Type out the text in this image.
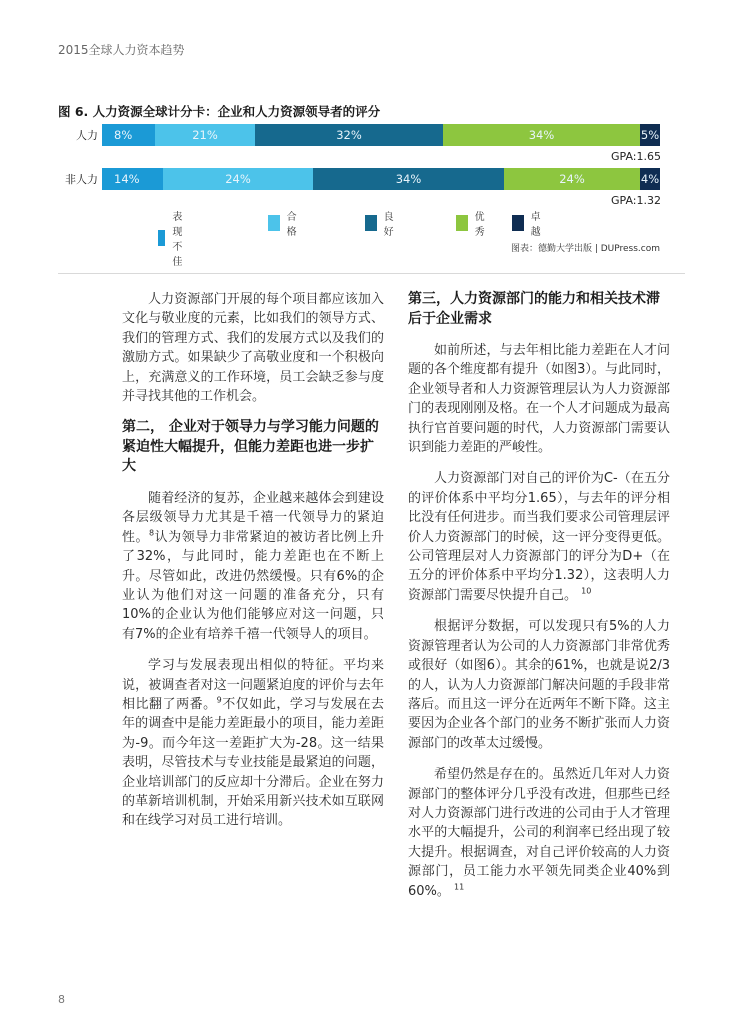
2015全球人力资本趋势
图 6. 人力资源全球计分卡：企业和人力资源领导者的评分
人力	8%	21%	32%	34%	5%
GPA:1.65
非人力	14%	24%	34%	24%	4%
GPA:1.32
表现不佳
合格
良好
优秀
卓越
图表：德勤大学出版 | DUPress.com

人力资源部门开展的每个项目都应该加入文化与敬业度的元素，比如我们的领导方式、我们的管理方式、我们的发展方式以及我们的激励方式。如果缺少了高敬业度和一个积极向上，充满意义的工作环境，员工会缺乏参与度并寻找其他的工作机会。

第二， 企业对于领导力与学习能力问题的紧迫性大幅提升，但能力差距也进一步扩大

随着经济的复苏，企业越来越体会到建设各层级领导力尤其是千禧一代领导力的紧迫性。$^8$认为领导力非常紧迫的被访者比例上升了32%，与此同时，能力差距也在不断上升。尽管如此，改进仍然缓慢。只有6%的企业认为他们对这一问题的准备充分，只有10%的企业认为他们能够应对这一问题，只有7%的企业有培养千禧一代领导人的项目。

学习与发展表现出相似的特征。平均来说，被调查者对这一问题紧迫度的评价与去年相比翻了两番。$^9$不仅如此，学习与发展在去年的调查中是能力差距最小的项目，能力差距为-9。而今年这一差距扩大为-28。这一结果表明，尽管技术与专业技能是最紧迫的问题，企业培训部门的反应却十分滞后。企业在努力的革新培训机制，开始采用新兴技术如互联网和在线学习对员工进行培训。

第三，人力资源部门的能力和相关技术滞后于企业需求

如前所述，与去年相比能力差距在人才问题的各个维度都有提升（如图3）。与此同时，企业领导者和人力资源管理层认为人力资源部门的表现刚刚及格。在一个人才问题成为最高执行官首要问题的时代，人力资源部门需要认识到能力差距的严峻性。

人力资源部门对自己的评价为C-（在五分的评价体系中平均分1.65），与去年的评分相比没有任何进步。而当我们要求公司管理层评价人力资源部门的时候，这一评分变得更低。公司管理层对人力资源部门的评分为D+（在五分的评价体系中平均分1.32），这表明人力资源部门需要尽快提升自己。 $^{10}$

根据评分数据，可以发现只有5%的人力资源管理者认为公司的人力资源部门非常优秀或很好（如图6）。其余的61%，也就是说2/3的人，认为人力资源部门解决问题的手段非常落后。而且这一评分在近两年不断下降。这主要因为企业各个部门的业务不断扩张而人力资源部门的改革太过缓慢。

希望仍然是存在的。虽然近几年对人力资源部门的整体评分几乎没有改进，但那些已经对人力资源部门进行改进的公司由于人才管理水平的大幅提升，公司的利润率已经出现了较大提升。根据调查，对自己评价较高的人力资源部门，员工能力水平领先同类企业40%到60%。 $^{11}$

8
